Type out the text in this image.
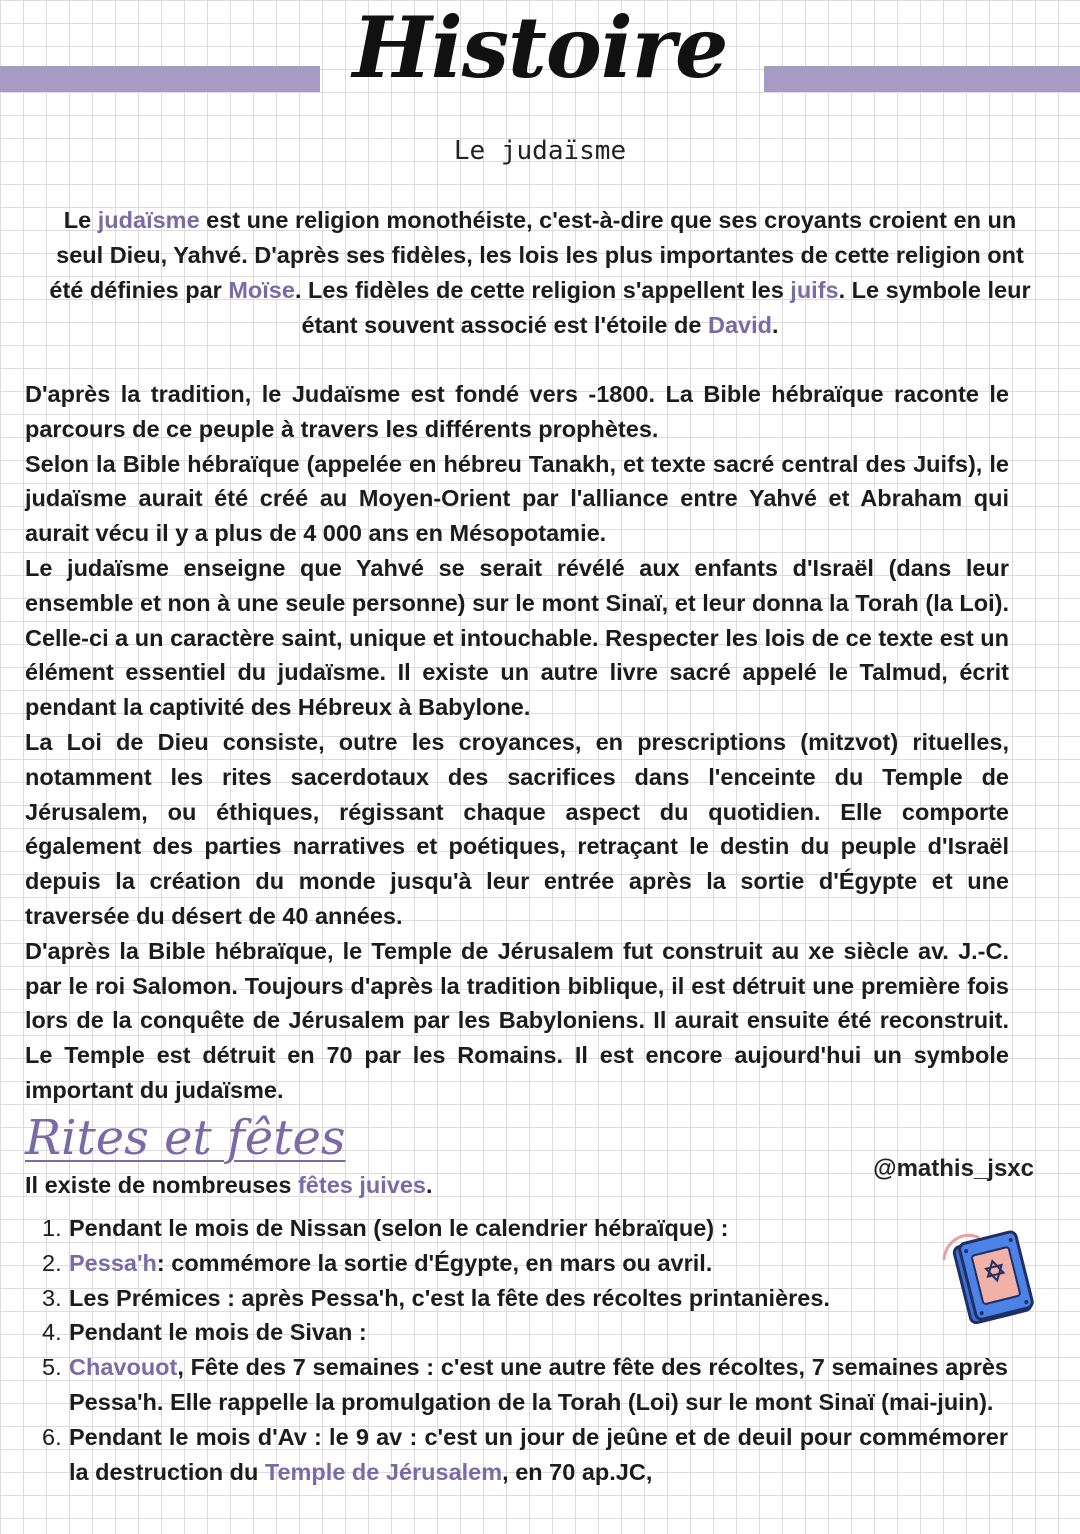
Histoire
Le judaïsme
Le judaïsme est une religion monothéiste, c'est-à-dire que ses croyants croient en un seul Dieu, Yahvé. D'après ses fidèles, les lois les plus importantes de cette religion ont été définies par Moïse. Les fidèles de cette religion s'appellent les juifs. Le symbole leur étant souvent associé est l'étoile de David.

D'après la tradition, le Judaïsme est fondé vers -1800. La Bible hébraïque raconte le parcours de ce peuple à travers les différents prophètes.

Selon la Bible hébraïque (appelée en hébreu Tanakh, et texte sacré central des Juifs), le judaïsme aurait été créé au Moyen-Orient par l'alliance entre Yahvé et Abraham qui aurait vécu il y a plus de 4 000 ans en Mésopotamie.

Le judaïsme enseigne que Yahvé se serait révélé aux enfants d'Israël (dans leur ensemble et non à une seule personne) sur le mont Sinaï, et leur donna la Torah (la Loi). Celle-ci a un caractère saint, unique et intouchable. Respecter les lois de ce texte est un élément essentiel du judaïsme. Il existe un autre livre sacré appelé le Talmud, écrit pendant la captivité des Hébreux à Babylone.

La Loi de Dieu consiste, outre les croyances, en prescriptions (mitzvot) rituelles, notamment les rites sacerdotaux des sacrifices dans l'enceinte du Temple de Jérusalem, ou éthiques, régissant chaque aspect du quotidien. Elle comporte également des parties narratives et poétiques, retraçant le destin du peuple d'Israël depuis la création du monde jusqu'à leur entrée après la sortie d'Égypte et une traversée du désert de 40 années.

D'après la Bible hébraïque, le Temple de Jérusalem fut construit au xe siècle av. J.-C. par le roi Salomon. Toujours d'après la tradition biblique, il est détruit une première fois lors de la conquête de Jérusalem par les Babyloniens. Il aurait ensuite été reconstruit. Le Temple est détruit en 70 par les Romains. Il est encore aujourd'hui un symbole important du judaïsme.

Rites et fêtes
@mathis_jsxc
Il existe de nombreuses fêtes juives.
1. Pendant le mois de Nissan (selon le calendrier hébraïque) :
2. Pessa'h: commémore la sortie d'Égypte, en mars ou avril.
3. Les Prémices : après Pessa'h, c'est la fête des récoltes printanières.
4. Pendant le mois de Sivan :
5. Chavouot, Fête des 7 semaines : c'est une autre fête des récoltes, 7 semaines après Pessa'h. Elle rappelle la promulgation de la Torah (Loi) sur le mont Sinaï (mai-juin).
6. Pendant le mois d'Av : le 9 av : c'est un jour de jeûne et de deuil pour commémorer la destruction du Temple de Jérusalem, en 70 ap.JC,
